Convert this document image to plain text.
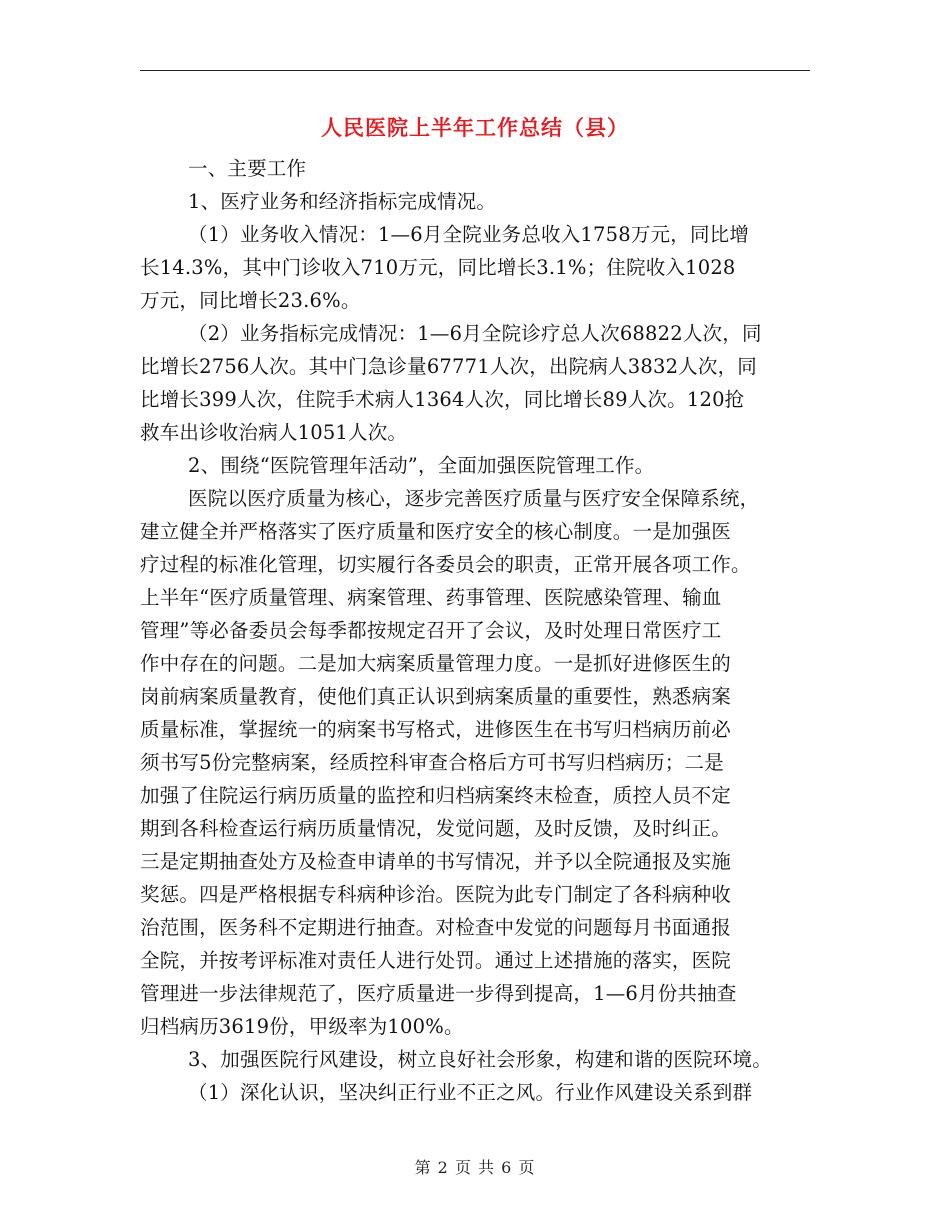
人民医院上半年工作总结（县）
一、主要工作
1、医疗业务和经济指标完成情况。
（1）业务收入情况：1—6月全院业务总收入1758万元，同比增
长14.3%，其中门诊收入710万元，同比增长3.1%；住院收入1028
万元，同比增长23.6%。
（2）业务指标完成情况：1—6月全院诊疗总人次68822人次，同
比增长2756人次。其中门急诊量67771人次，出院病人3832人次，同
比增长399人次，住院手术病人1364人次，同比增长89人次。120抢
救车出诊收治病人1051人次。
2、围绕“医院管理年活动”，全面加强医院管理工作。
医院以医疗质量为核心，逐步完善医疗质量与医疗安全保障系统，
建立健全并严格落实了医疗质量和医疗安全的核心制度。一是加强医
疗过程的标准化管理，切实履行各委员会的职责，正常开展各项工作。
上半年“医疗质量管理、病案管理、药事管理、医院感染管理、输血
管理”等必备委员会每季都按规定召开了会议，及时处理日常医疗工
作中存在的问题。二是加大病案质量管理力度。一是抓好进修医生的
岗前病案质量教育，使他们真正认识到病案质量的重要性，熟悉病案
质量标准，掌握统一的病案书写格式，进修医生在书写归档病历前必
须书写5份完整病案，经质控科审查合格后方可书写归档病历；二是
加强了住院运行病历质量的监控和归档病案终末检查，质控人员不定
期到各科检查运行病历质量情况，发觉问题，及时反馈，及时纠正。
三是定期抽查处方及检查申请单的书写情况，并予以全院通报及实施
奖惩。四是严格根据专科病种诊治。医院为此专门制定了各科病种收
治范围，医务科不定期进行抽查。对检查中发觉的问题每月书面通报
全院，并按考评标准对责任人进行处罚。通过上述措施的落实，医院
管理进一步法律规范了，医疗质量进一步得到提高，1—6月份共抽查
归档病历3619份，甲级率为100%。
3、加强医院行风建设，树立良好社会形象，构建和谐的医院环境。
（1）深化认识，坚决纠正行业不正之风。行业作风建设关系到群
第 2 页 共 6 页
